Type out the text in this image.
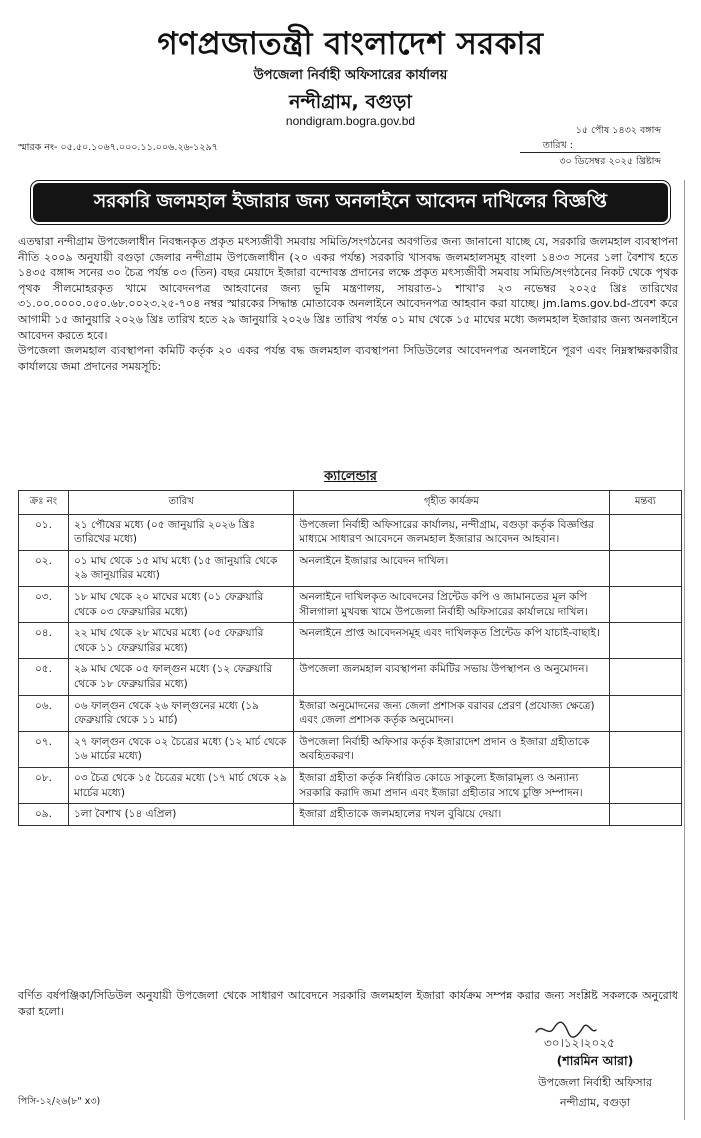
গণপ্রজাতন্ত্রী বাংলাদেশ সরকার
উপজেলা নির্বাহী অফিসারের কার্যালয়
নন্দীগ্রাম, বগুড়া
nondigram.bogra.gov.bd
১৫ পৌষ ১৪৩২ বঙ্গাব্দ
তারিখ :
৩০ ডিসেম্বর ২০২৫ খ্রিষ্টাব্দ
স্মারক নং- ০৫.৫০.১০৬৭.০০০.১১.০০৬.২৬-১২৯৭
সরকারি জলমহাল ইজারার জন্য অনলাইনে আবেদন দাখিলের বিজ্ঞপ্তি

এতদ্বারা নন্দীগ্রাম উপজেলাধীন নিবন্ধনকৃত প্রকৃত মৎস্যজীবী সমবায় সমিতি/সংগঠনের অবগতির জন্য জানানো যাচ্ছে যে, সরকারি জলমহাল ব্যবস্থাপনা নীতি ২০০৯ অনুযায়ী বগুড়া জেলার নন্দীগ্রাম উপজেলাধীন (২০ একর পর্যন্ত) সরকারি খাসবদ্ধ জলমহালসমূহ বাংলা ১৪৩৩ সনের ১লা বৈশাখ হতে ১৪৩৫ বঙ্গাব্দ সনের ৩০ চৈত্র পর্যন্ত ০৩ (তিন) বছর মেয়াদে ইজারা বন্দোবস্ত প্রদানের লক্ষে প্রকৃত মৎস্যজীবী সমবায় সমিতি/সংগঠনের নিকট থেকে পৃথক পৃথক সীলমোহরকৃত খামে আবেদনপত্র আহবানের জন্য ভূমি মন্ত্রণালয়, সায়রাত-১ শাখা'র ২৩ নভেম্বর ২০২৫ খ্রিঃ তারিখের ৩১.০০.০০০০.০৫০.৬৮.০০২৩.২৫-৭০৪ নম্বর স্মারকের সিদ্ধান্ত মোতাবেক অনলাইনে আবেদনপত্র আহবান করা যাচ্ছে। jm.lams.gov.bd-প্রবেশ করে আগামী ১৫ জানুয়ারি ২০২৬ খ্রিঃ তারিখ হতে ২৯ জানুয়ারি ২০২৬ খ্রিঃ তারিখ পর্যন্ত ০১ মাঘ থেকে ১৫ মাঘের মধ্যে জলমহাল ইজারার জন্য অনলাইনে আবেদন করতে হবে।

উপজেলা জলমহাল ব্যবস্থাপনা কমিটি কর্তৃক ২০ একর পর্যন্ত বদ্ধ জলমহাল ব্যবস্থাপনা সিডিউলের আবেদনপত্র অনলাইনে পূরণ এবং নিম্নস্বাক্ষরকারীর কার্যালয়ে জমা প্রদানের সময়সূচি:

ক্যালেন্ডার
ক্রঃ নং	তারিখ	গৃহীত কার্যক্রম	মন্তব্য
০১.	২১ পৌষের মধ্যে (০৫ জানুয়ারি ২০২৬ খ্রিঃ তারিখের মধ্যে)	উপজেলা নির্বাহী অফিসারের কার্যালয়, নন্দীগ্রাম, বগুড়া কর্তৃক বিজ্ঞপ্তির মাধ্যমে সাধারণ আবেদনে জলমহাল ইজারার আবেদন আহবান।	
০২.	০১ মাঘ থেকে ১৫ মাঘ মধ্যে (১৫ জানুয়ারি থেকে ২৯ জানুয়ারির মধ্যে)	অনলাইনে ইজারার আবেদন দাখিল।	
০৩.	১৮ মাঘ থেকে ২০ মাঘের মধ্যে (০১ ফেব্রুয়ারি থেকে ০৩ ফেব্রুয়ারির মধ্যে)	অনলাইনে দাখিলকৃত আবেদনের প্রিন্টেড কপি ও জামানতের মূল কপি সীলগালা মুখবন্ধ খামে উপজেলা নির্বাহী অফিসারের কার্যালয়ে দাখিল।	
০৪.	২২ মাঘ থেকে ২৮ মাঘের মধ্যে (০৫ ফেব্রুয়ারি থেকে ১১ ফেব্রুয়ারির মধ্যে)	অনলাইনে প্রাপ্ত আবেদনসমূহ এবং দাখিলকৃত প্রিন্টেড কপি যাচাই-বাছাই।	
০৫.	২৯ মাঘ থেকে ০৫ ফাল্গুন মধ্যে (১২ ফেব্রুয়ারি থেকে ১৮ ফেব্রুয়ারির মধ্যে)	উপজেলা জলমহাল ব্যবস্থাপনা কমিটির সভায় উপস্থাপন ও অনুমোদন।	
০৬.	০৬ ফাল্গুন থেকে ২৬ ফাল্গুনের মধ্যে (১৯ ফেব্রুয়ারি থেকে ১১ মার্চ)	ইজারা অনুমোদনের জন্য জেলা প্রশাসক বরাবর প্রেরণ (প্রযোজ্য ক্ষেত্রে) এবং জেলা প্রশাসক কর্তৃক অনুমোদন।	
০৭.	২৭ ফাল্গুন থেকে ০২ চৈত্রের মধ্যে (১২ মার্চ থেকে ১৬ মার্চের মধ্যে)	উপজেলা নির্বাহী অফিসার কর্তৃক ইজারাদেশ প্রদান ও ইজারা গ্রহীতাকে অবহিতকরণ।	
০৮.	০৩ চৈত্র থেকে ১৫ চৈত্রের মধ্যে (১৭ মার্চ থেকে ২৯ মার্চের মধ্যে)	ইজারা গ্রহীতা কর্তৃক নির্ধারিত কোডে সাকুল্যে ইজারামূল্য ও অন্যান্য সরকারি করাদি জমা প্রদান এবং ইজারা গ্রহীতার সাথে চুক্তি সম্পাদন।	
০৯.	১লা বৈশাখ (১৪ এপ্রিল)	ইজারা গ্রহীতাকে জলমহালের দখল বুঝিয়ে দেয়া।	
বর্ণিত বর্ষপঞ্জিকা/সিডিউল অনুযায়ী উপজেলা থেকে সাধারণ আবেদনে সরকারি জলমহাল ইজারা কার্যক্রম সম্পন্ন করার জন্য সংশ্লিষ্ট সকলকে অনুরোধ করা হলো।
৩০।১২।২০২৫
(শারমিন আরা)
উপজেলা নির্বাহী অফিসার
নন্দীগ্রাম, বগুড়া
পিসি-১২/২৬(৮" x৩)
